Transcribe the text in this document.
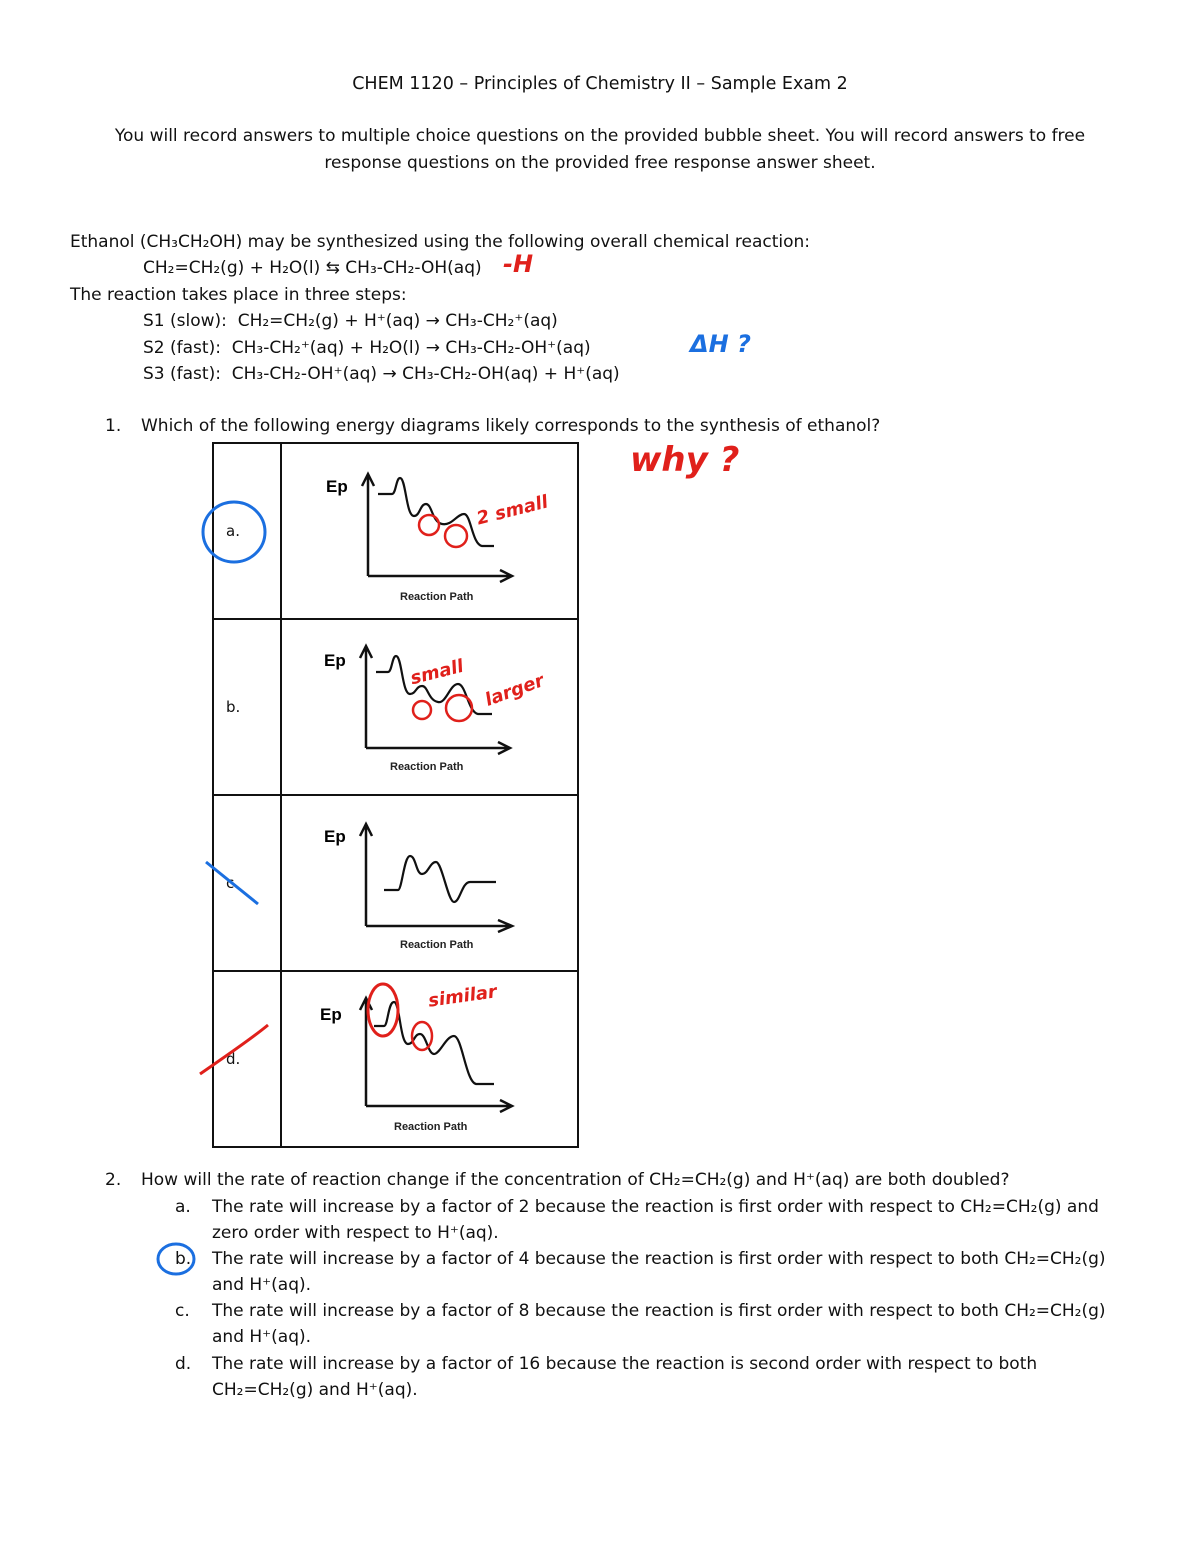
CHEM 1120 – Principles of Chemistry II – Sample Exam 2
You will record answers to multiple choice questions on the provided bubble sheet. You will record answers to free
response questions on the provided free response answer sheet.
Ethanol (CH₃CH₂OH) may be synthesized using the following overall chemical reaction:
CH₂=CH₂(g) + H₂O(l) ⇆ CH₃-CH₂-OH(aq) -H
The reaction takes place in three steps:
S1 (slow): CH₂=CH₂(g) + H⁺(aq) → CH₃-CH₂⁺(aq)
S2 (fast): CH₃-CH₂⁺(aq) + H₂O(l) → CH₃-CH₂-OH⁺(aq)
S3 (fast): CH₃-CH₂-OH⁺(aq) → CH₃-CH₂-OH(aq) + H⁺(aq)
ΔH ?
1. Which of the following energy diagrams likely corresponds to the synthesis of ethanol?
why ?
a.	Ep
Reaction Path

b.	Ep
Reaction Path

c.	Ep
Reaction Path

d.	Ep
Reaction Path
2 small
small larger
similar
2. How will the rate of reaction change if the concentration of CH₂=CH₂(g) and H⁺(aq) are both doubled?
a. The rate will increase by a factor of 2 because the reaction is first order with respect to CH₂=CH₂(g) and
zero order with respect to H⁺(aq).
b. The rate will increase by a factor of 4 because the reaction is first order with respect to both CH₂=CH₂(g)
and H⁺(aq).
c. The rate will increase by a factor of 8 because the reaction is first order with respect to both CH₂=CH₂(g)
and H⁺(aq).
d. The rate will increase by a factor of 16 because the reaction is second order with respect to both
CH₂=CH₂(g) and H⁺(aq).
